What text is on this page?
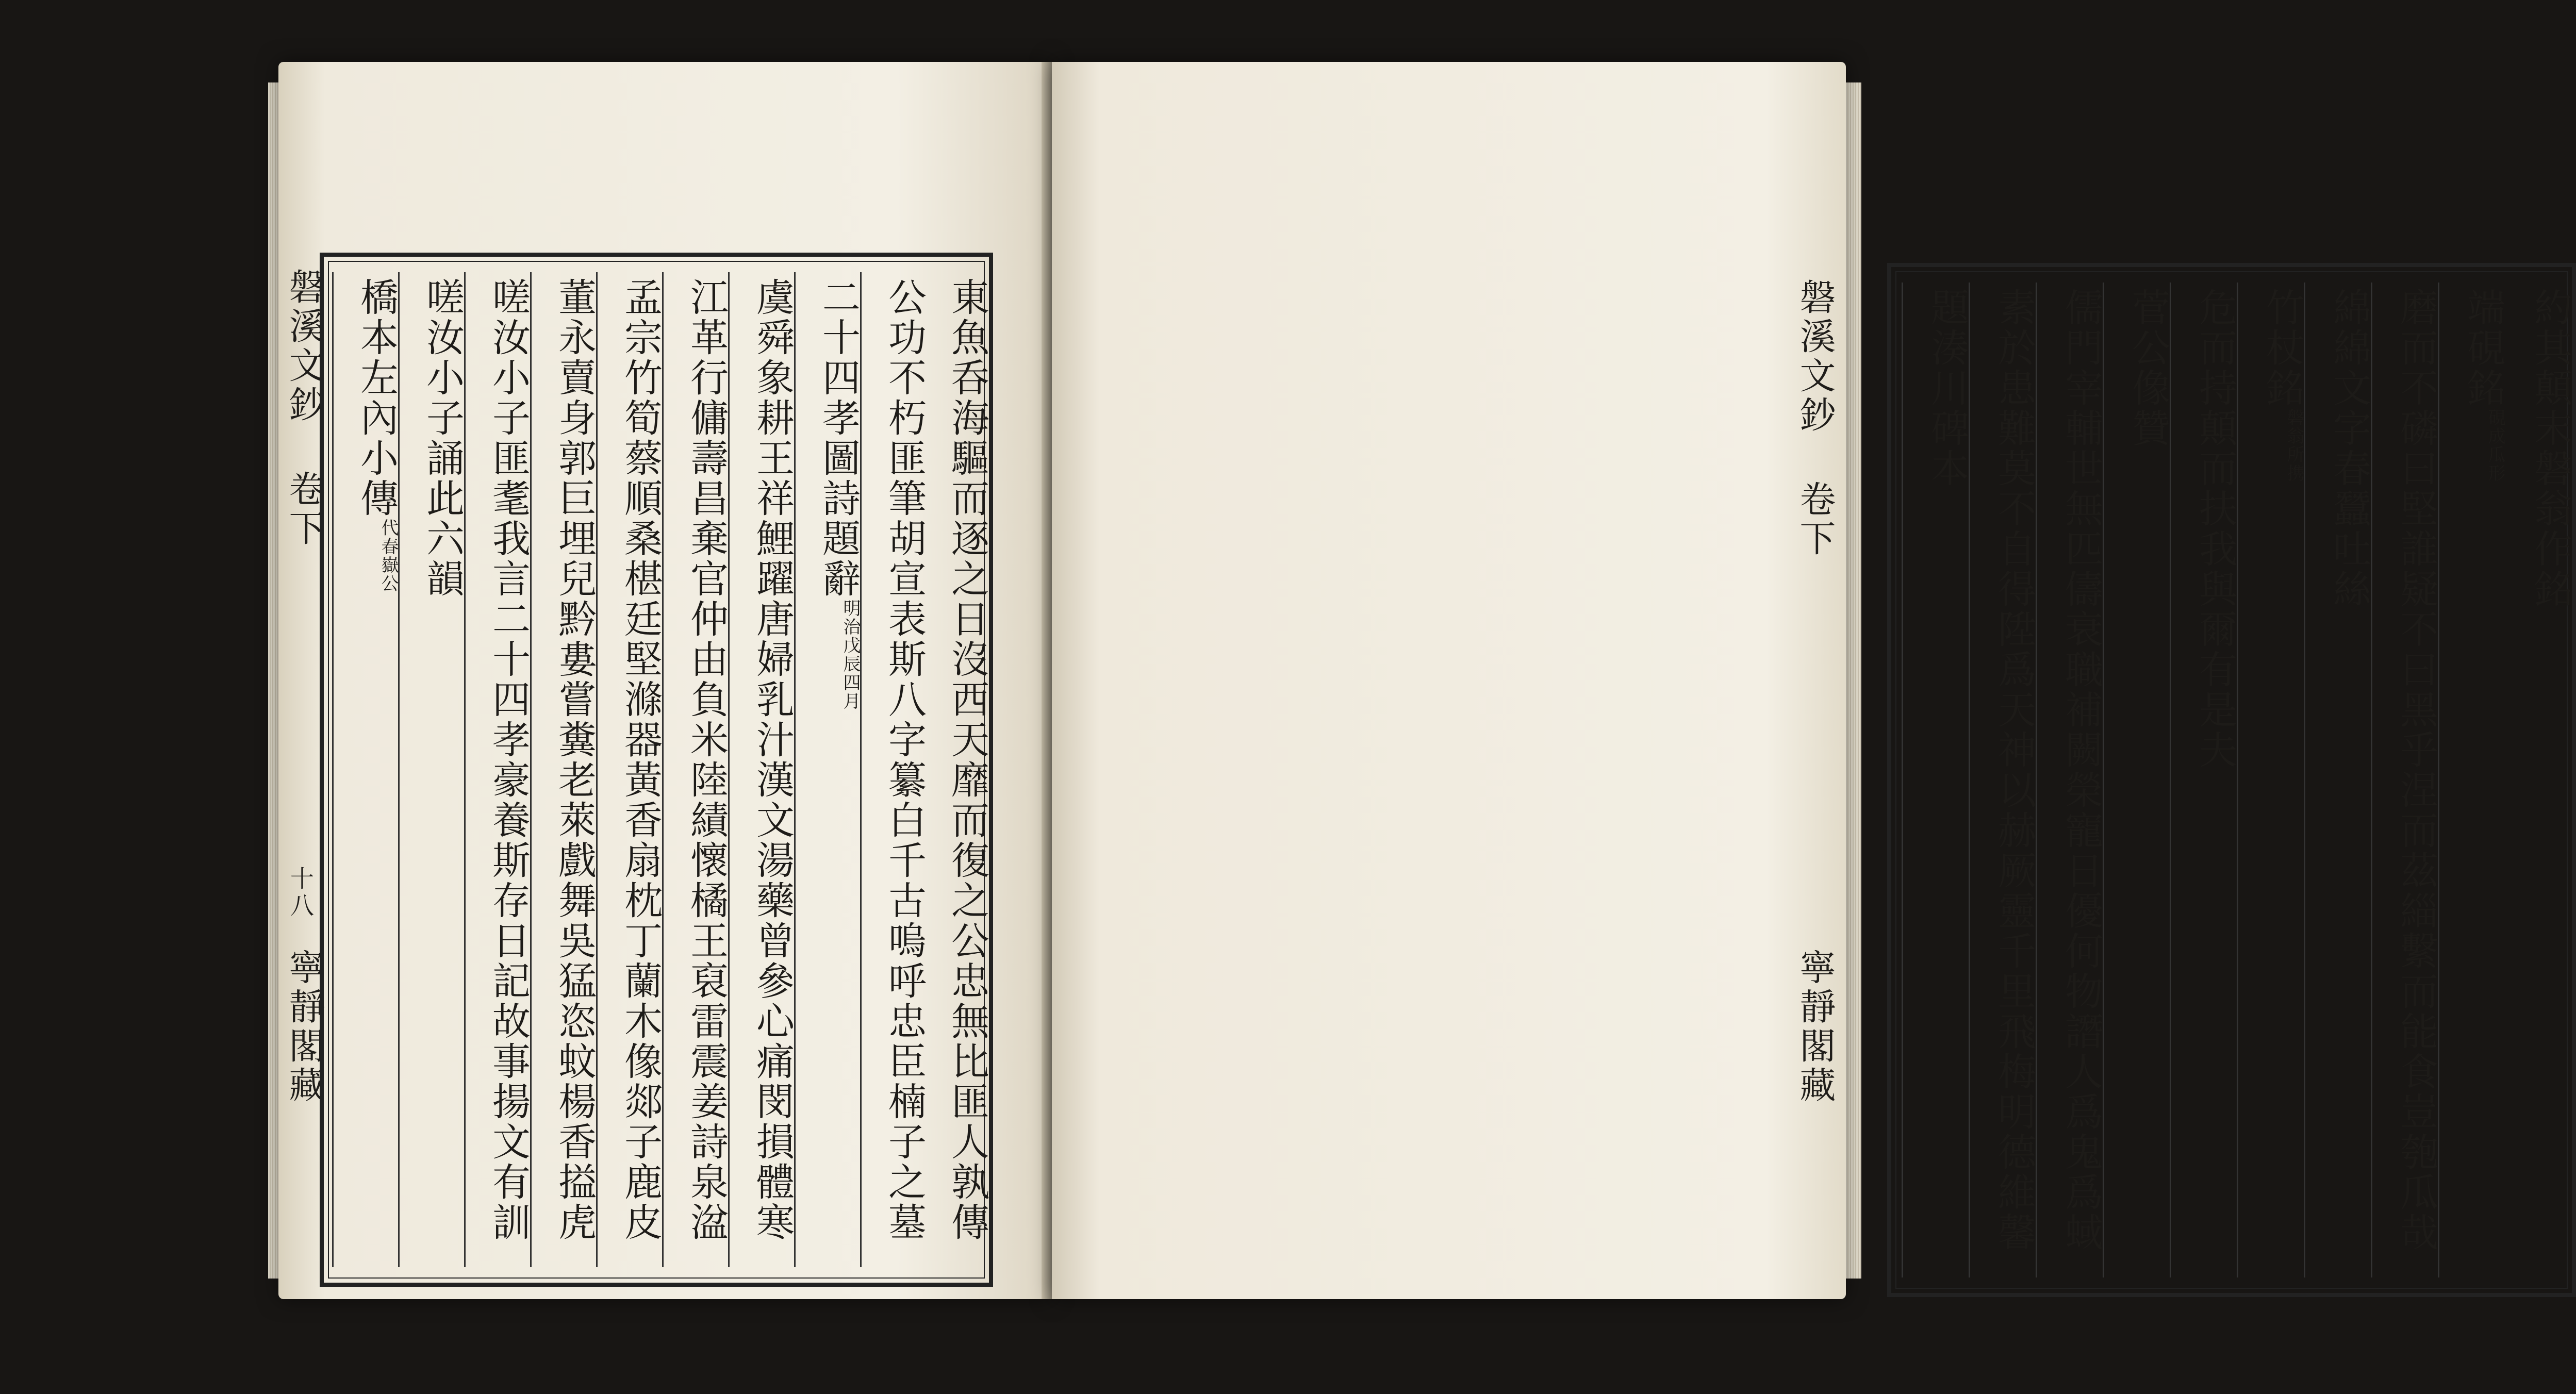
磐溪文鈔 卷下
十八
寧靜閣藏	東魚呑海驅而逐之日沒西天靡而復之公忠無比匪人孰傳
公功不朽匪筆胡宣表斯八字纂白千古嗚呼忠臣楠子之墓
二十四孝圖詩題辭
明治戊辰四月
虞舜象耕王祥鯉躍唐婦乳汁漢文湯藥曾參心痛閔損體寒
江革行傭壽昌棄官仲由負米陸績懷橘王裒雷震姜詩泉湓
孟宗竹筍蔡順桑椹廷堅滌器黃香扇枕丁蘭木像郯子鹿皮
董永賣身郭巨埋兒黔婁嘗糞老萊戲舞吳猛恣蚊楊香搤虎
嗟汝小子匪耄我言二十四孝豪養斯存日記故事揚文有訓
嗟汝小子誦此六韻
橋本左內小傳
代春嶽公	約其顛末磐翁作銘
端硯銘
硯成瓜形
磨而不磷曰堅誰疑不曰黑乎涅而茲緇繫而能食豈匏瓜哉
綿綿文字春蠶吐絲
竹杖銘
磐翁所携
危而持顛而扶我與爾有是夫
菅公像贊
儒門宰輔世無匹儔衰職補闕榮寵日優何物譖人爲鬼爲蜮
素於患難莫不自得陞爲天神以赫厥靈千里飛梅明德維馨
題湊川碑本
磐溪文鈔 卷下
寧靜閣藏
